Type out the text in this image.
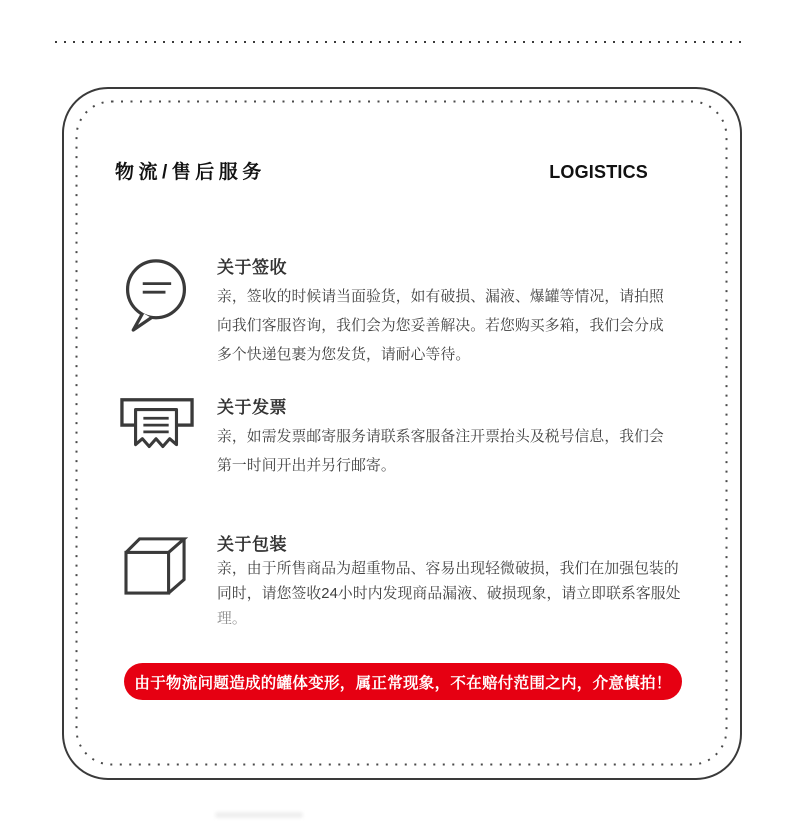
物流/售后服务	LOGISTICS
关于签收
亲，签收的时候请当面验货，如有破损、漏液、爆罐等情况，请拍照
向我们客服咨询，我们会为您妥善解决。若您购买多箱，我们会分成
多个快递包裹为您发货，请耐心等待。
关于发票
亲，如需发票邮寄服务请联系客服备注开票抬头及税号信息，我们会
第一时间开出并另行邮寄。
关于包装
亲，由于所售商品为超重物品、容易出现轻微破损，我们在加强包装的
同时，请您签收24小时内发现商品漏液、破损现象，请立即联系客服处
理。
由于物流问题造成的罐体变形，属正常现象，不在赔付范围之内，介意慎拍！
